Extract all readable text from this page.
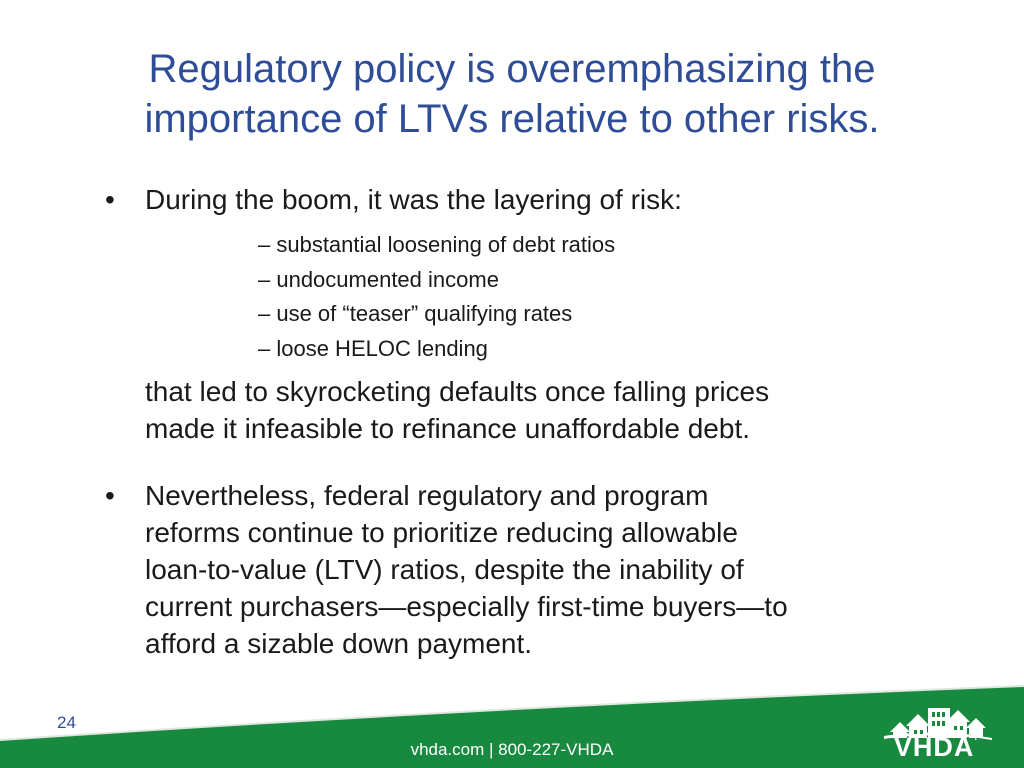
Regulatory policy is overemphasizing the
importance of LTVs relative to other risks.
• During the boom, it was the layering of risk:
– substantial loosening of debt ratios
– undocumented income
– use of “teaser” qualifying rates
– loose HELOC lending
that led to skyrocketing defaults once falling prices
made it infeasible to refinance unaffordable debt.
• Nevertheless, federal regulatory and program
reforms continue to prioritize reducing allowable
loan-to-value (LTV) ratios, despite the inability of
current purchasers—especially first-time buyers—to
afford a sizable down payment.
24
vhda.com | 800-227-VHDA	VHDA.
